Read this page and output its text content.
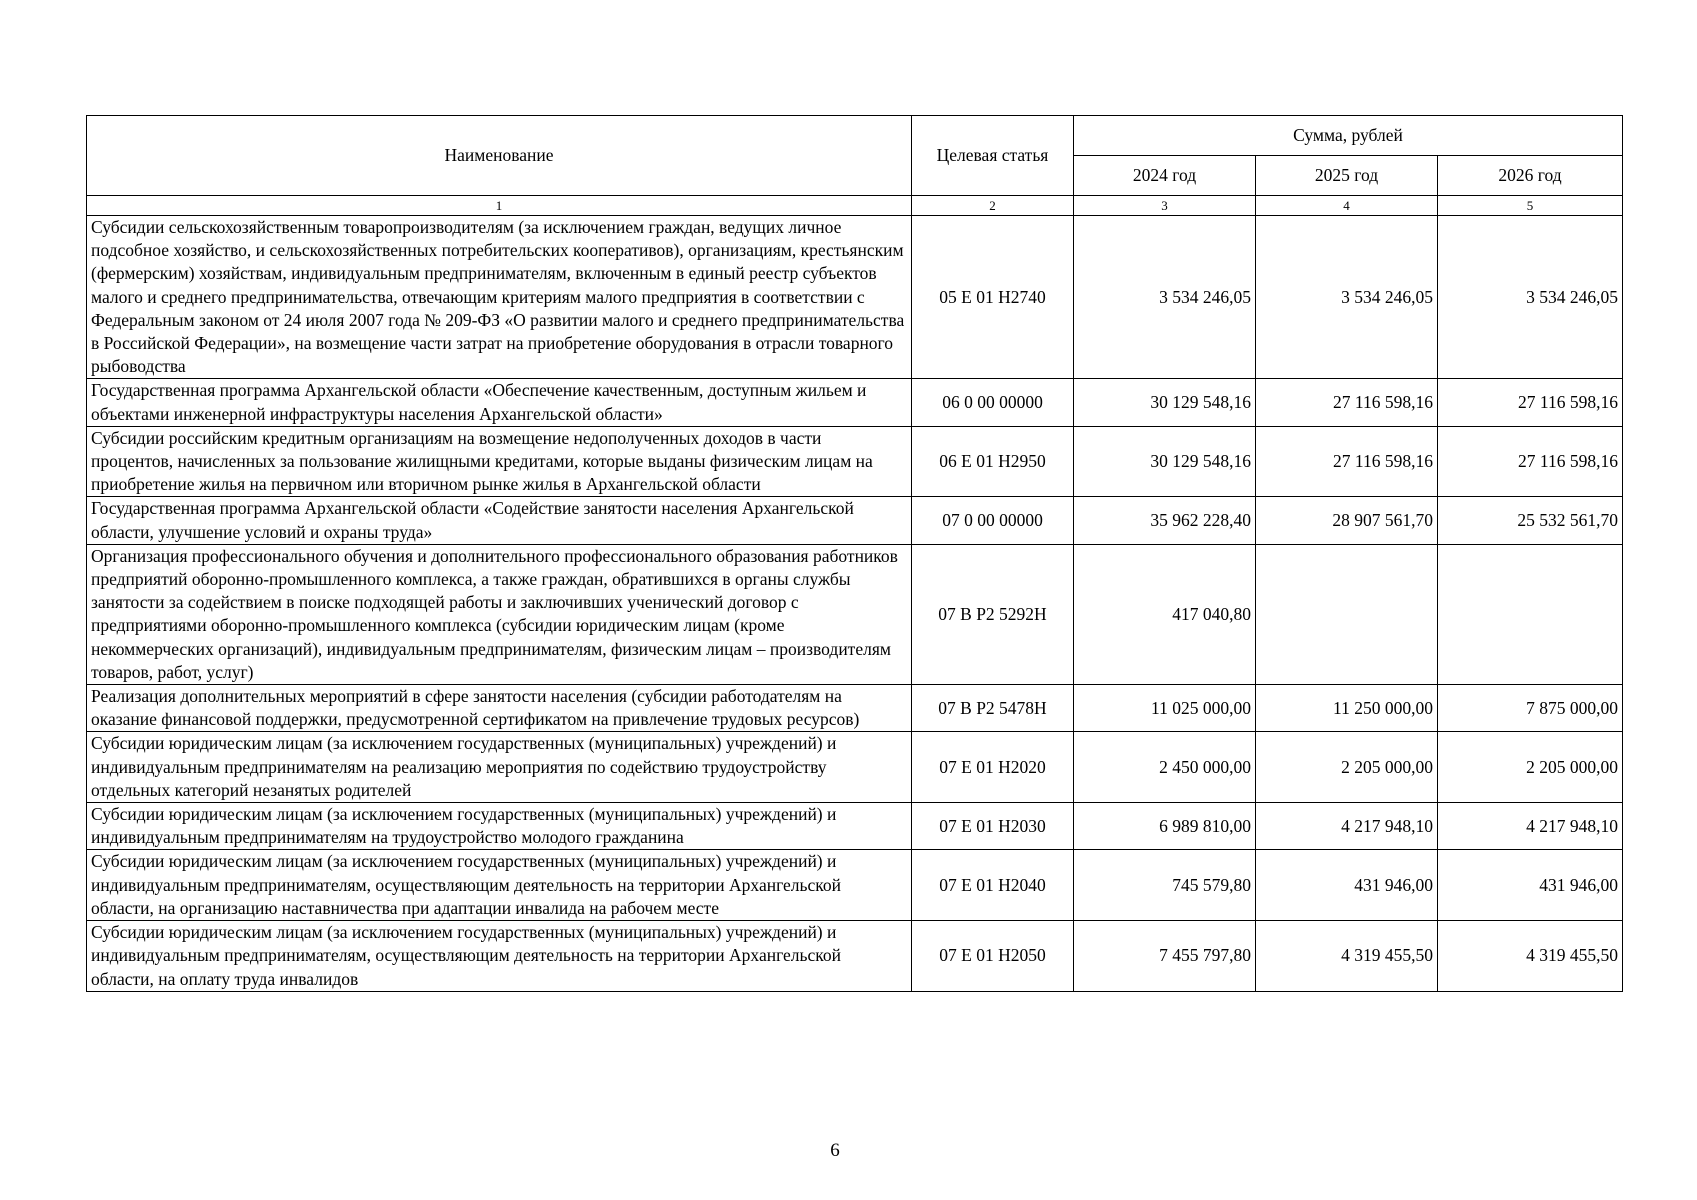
Наименование	Целевая статья	Сумма, рублей		
		2024 год	2025 год	2026 год
1	2	3	4	5
Субсидии сельскохозяйственным товаропроизводителям (за исключением граждан, ведущих личное подсобное хозяйство, и сельскохозяйственных потребительских кооперативов), организациям, крестьянским (фермерским) хозяйствам, индивидуальным предпринимателям, включенным в единый реестр субъектов малого и среднего предпринимательства, отвечающим критериям малого предприятия в соответствии с Федеральным законом от 24 июля 2007 года № 209-ФЗ «О развитии малого и среднего предпринимательства в Российской Федерации», на возмещение части затрат на приобретение оборудования в отрасли товарного рыбоводства	05 Е 01 Н2740	3 534 246,05	3 534 246,05	3 534 246,05
Государственная программа Архангельской области «Обеспечение качественным, доступным жильем и объектами инженерной инфраструктуры населения Архангельской области»	06 0 00 00000	30 129 548,16	27 116 598,16	27 116 598,16
Субсидии российским кредитным организациям на возмещение недополученных доходов в части процентов, начисленных за пользование жилищными кредитами, которые выданы физическим лицам на приобретение жилья на первичном или вторичном рынке жилья в Архангельской области	06 Е 01 Н2950	30 129 548,16	27 116 598,16	27 116 598,16
Государственная программа Архангельской области «Содействие занятости населения Архангельской области, улучшение условий и охраны труда»	07 0 00 00000	35 962 228,40	28 907 561,70	25 532 561,70
Организация профессионального обучения и дополнительного профессионального образования работников предприятий оборонно-промышленного комплекса, а также граждан, обратившихся в органы службы занятости за содействием в поиске подходящей работы и заключивших ученический договор с предприятиями оборонно-промышленного комплекса (субсидии юридическим лицам (кроме некоммерческих организаций), индивидуальным предпринимателям, физическим лицам – производителям товаров, работ, услуг)	07 В Р2 5292Н	417 040,80		
Реализация дополнительных мероприятий в сфере занятости населения (субсидии работодателям на оказание финансовой поддержки, предусмотренной сертификатом на привлечение трудовых ресурсов)	07 В Р2 5478Н	11 025 000,00	11 250 000,00	7 875 000,00
Субсидии юридическим лицам (за исключением государственных (муниципальных) учреждений) и индивидуальным предпринимателям на реализацию мероприятия по содействию трудоустройству отдельных категорий незанятых родителей	07 Е 01 Н2020	2 450 000,00	2 205 000,00	2 205 000,00
Субсидии юридическим лицам (за исключением государственных (муниципальных) учреждений) и индивидуальным предпринимателям на трудоустройство молодого гражданина	07 Е 01 Н2030	6 989 810,00	4 217 948,10	4 217 948,10
Субсидии юридическим лицам (за исключением государственных (муниципальных) учреждений) и индивидуальным предпринимателям, осуществляющим деятельность на территории Архангельской области, на организацию наставничества при адаптации инвалида на рабочем месте	07 Е 01 Н2040	745 579,80	431 946,00	431 946,00
Субсидии юридическим лицам (за исключением государственных (муниципальных) учреждений) и индивидуальным предпринимателям, осуществляющим деятельность на территории Архангельской области, на оплату труда инвалидов	07 Е 01 Н2050	7 455 797,80	4 319 455,50	4 319 455,50
6
